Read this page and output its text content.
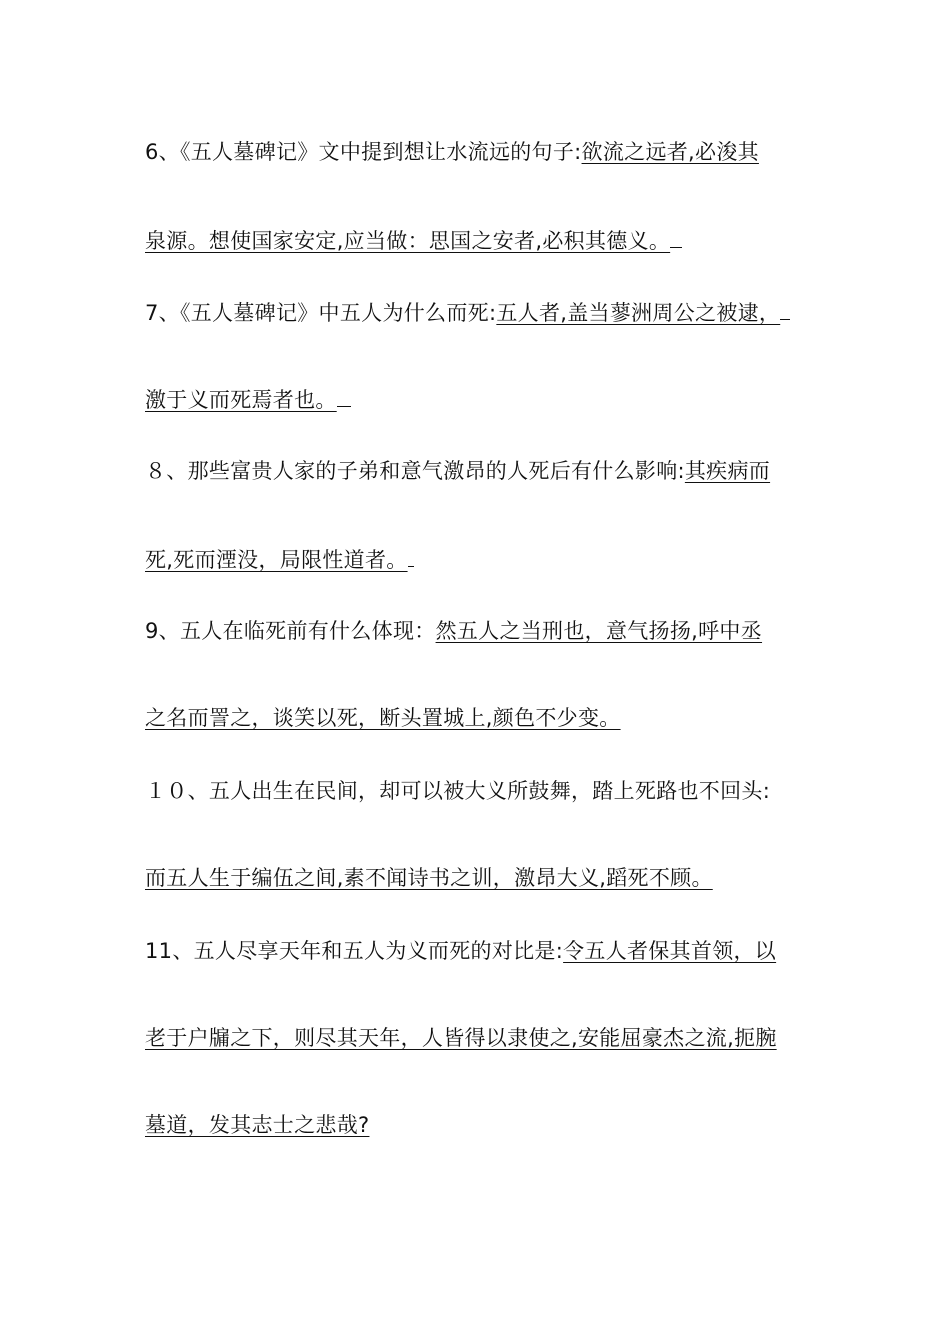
6、《五人墓碑记》文中提到想让水流远的句子:欲流之远者,必浚其
泉源。想使国家安定,应当做：思国之安者,必积其德义。
7、《五人墓碑记》中五人为什么而死:五人者,盖当蓼洲周公之被逮，
激于义而死焉者也。
８、那些富贵人家的子弟和意气激昂的人死后有什么影响:其疾病而
死,死而湮没，局限性道者。
9、五人在临死前有什么体现：然五人之当刑也，意气扬扬,呼中丞
之名而詈之，谈笑以死，断头置城上,颜色不少变。
１０、五人出生在民间，却可以被大义所鼓舞，踏上死路也不回头:
而五人生于编伍之间,素不闻诗书之训，激昂大义,蹈死不顾。
11、五人尽享天年和五人为义而死的对比是:令五人者保其首领，以
老于户牖之下，则尽其天年，人皆得以隶使之,安能屈豪杰之流,扼腕
墓道，发其志士之悲哉?
